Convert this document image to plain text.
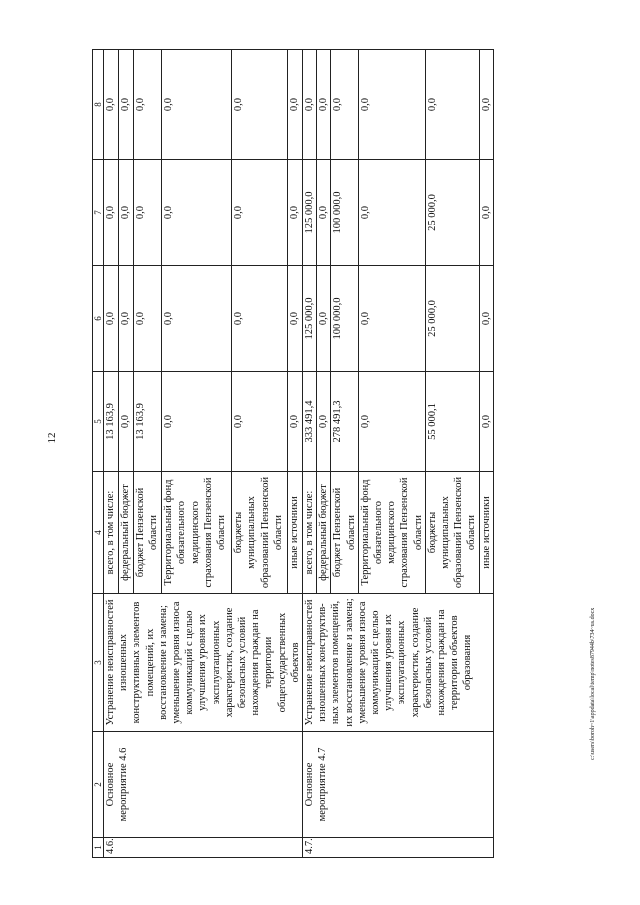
12
1	2	3	4	5	6	7	8
4.6.	Основное мероприятие 4.6	Устранение неисправностей изношенных конструктивных элементов помещений, их восстановление и замена; уменьшение уровня износа коммуникаций с целью улучшения уровня их эксплуатационных характеристик, создание безопасных условий нахождения граждан на территории общегосударственных объектов	всего, в том числе:	13 163,9	0,0	0,0	0,0
			федеральный бюджет	0,0	0,0	0,0	0,0
			бюджет Пензенской области	13 163,9	0,0	0,0	0,0
			Территориальный фонд обязательного медицинского страхования Пензенской области	0,0	0,0	0,0	0,0
			бюджеты муниципальных образований Пензенской области	0,0	0,0	0,0	0,0
			иные источники	0,0	0,0	0,0	0,0
4.7.	Основное мероприятие 4.7	Устранение неисправностей изношенных конструктив-ных элементов помещений, их восстановление и замена; уменьшение уровня износа коммуникаций с целью улучшения уровня их эксплуатационных характеристик, создание безопасных условий нахождения граждан на территории объектов образования	всего, в том числе:	333 491,4	125 000,0	125 000,0	0,0
			федеральный бюджет	0,0	0,0	0,0	0,0
			бюджет Пензенской области	278 491,3	100 000,0	100 000,0	0,0
			Территориальный фонд обязательного медицинского страхования Пензенской области	0,0	0,0	0,0	0,0
			бюджеты муниципальных образований Пензенской области	55 000,1	25 000,0	25 000,0	0,0
			иные источники	0,0	0,0	0,0	0,0
c:\users\boroh~1\appdata\local\temp\notes87944b\734~us.docx
